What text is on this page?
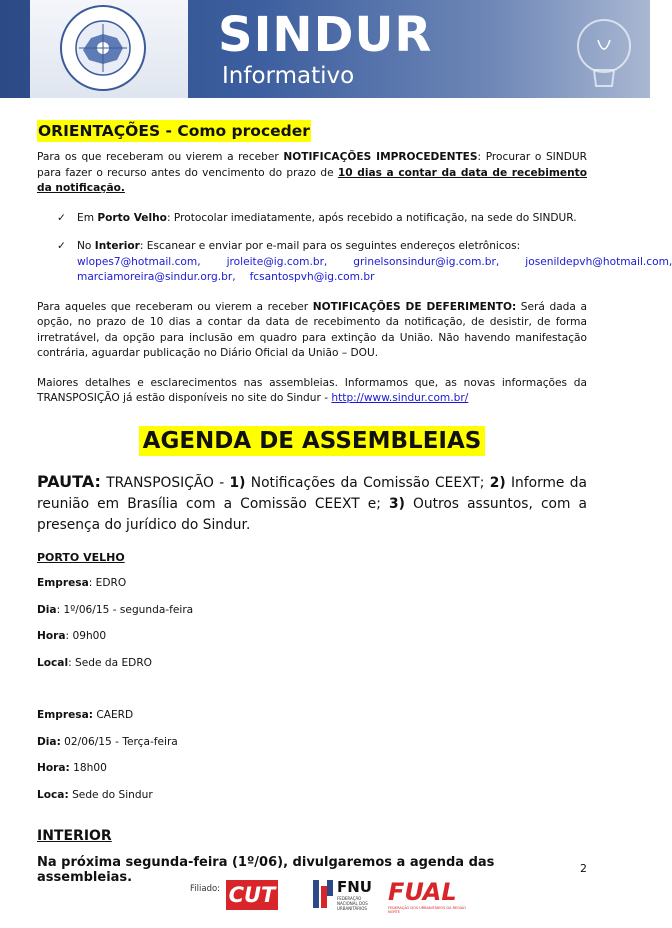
SINDUR
Informativo
ORIENTAÇÕES - Como proceder

Para os que receberam ou vierem a receber NOTIFICAÇÕES IMPROCEDENTES: Procurar o SINDUR para fazer o recurso antes do vencimento do prazo de 10 dias a contar da data de recebimento da notificação.

✓ Em Porto Velho: Protocolar imediatamente, após recebido a notificação, na sede do SINDUR.
✓ No Interior: Escanear e enviar por e-mail para os seguintes endereços eletrônicos:
wlopes7@hotmail.com, jroleite@ig.com.br, grinelsonsindur@ig.com.br, josenildepvh@hotmail.com,
marciamoreira@sindur.org.br, fcsantospvh@ig.com.br

Para aqueles que receberam ou vierem a receber NOTIFICAÇÕES DE DEFERIMENTO: Será dada a opção, no prazo de 10 dias a contar da data de recebimento da notificação, de desistir, de forma irretratável, da opção para inclusão em quadro para extinção da União. Não havendo manifestação contrária, aguardar publicação no Diário Oficial da União – DOU.

Maiores detalhes e esclarecimentos nas assembleias. Informamos que, as novas informações da TRANSPOSIÇÃO já estão disponíveis no site do Sindur - http://www.sindur.com.br/

AGENDA DE ASSEMBLEIAS
PAUTA: TRANSPOSIÇÃO - 1) Notificações da Comissão CEEXT; 2) Informe da reunião em Brasília com a Comissão CEEXT e; 3) Outros assuntos, com a presença do jurídico do Sindur.
PORTO VELHO
Empresa: EDRO
Dia: 1º/06/15 - segunda-feira
Hora: 09h00
Local: Sede da EDRO
Empresa: CAERD
Dia: 02/06/15 - Terça-feira
Hora: 18h00
Loca: Sede do Sindur
INTERIOR
Na próxima segunda-feira (1º/06), divulgaremos a agenda das assembleias.
2
Filiado: CUT	FNU
FEDERAÇÃO NACIONAL DOS URBANITÁRIOS
FUAL
FEDERAÇÃO DOS URBANITÁRIOS DA REGIÃO NORTE
